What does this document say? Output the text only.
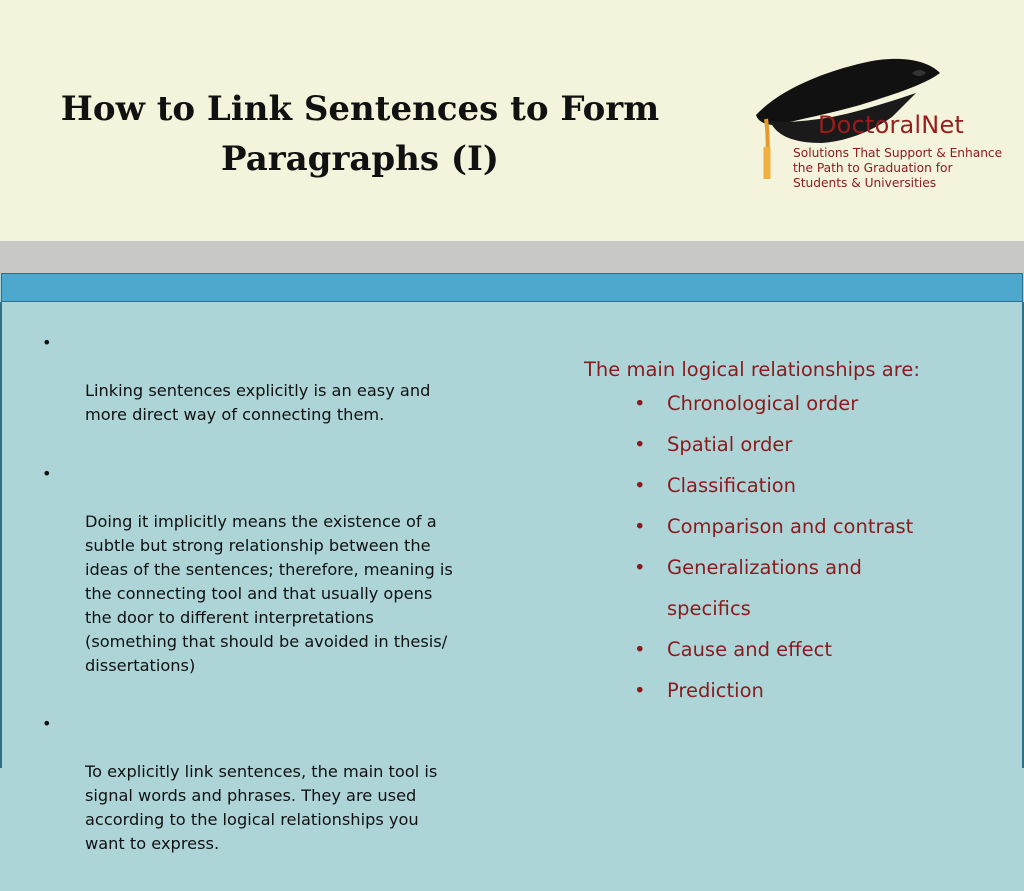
How to Link Sentences to Form
Paragraphs (I)
DoctoralNet
Solutions That Support & Enhance
the Path to Graduation for
Students & Universities

•

Linking sentences explicitly is an easy and
more direct way of connecting them.

•

Doing it implicitly means the existence of a
subtle but strong relationship between the
ideas of the sentences; therefore, meaning is
the connecting tool and that usually opens
the door to different interpretations
(something that should be avoided in thesis/
dissertations)

•

To explicitly link sentences, the main tool is
signal words and phrases. They are used
according to the logical relationships you
want to express.

The main logical relationships are:

• Chronological order
• Spatial order
• Classification
• Comparison and contrast
• Generalizations and
specifics
• Cause and effect
• Prediction
